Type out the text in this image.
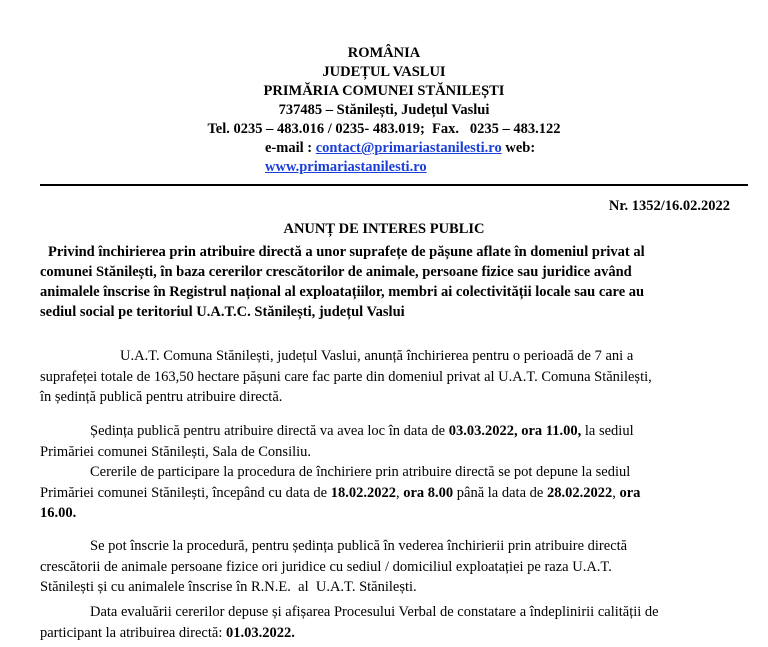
ROMÂNIA
JUDEȚUL VASLUI
PRIMĂRIA COMUNEI STĂNILEȘTI
737485 – Stănilești, Județul Vaslui
Tel. 0235 – 483.016 / 0235- 483.019;  Fax.   0235 – 483.122
e-mail : contact@primariastanilesti.ro web:
www.primariastanilesti.ro
Nr. 1352/16.02.2022
ANUNȚ DE INTERES PUBLIC
Privind închirierea prin atribuire directă a unor suprafețe de pășune aflate în domeniul privat al
comunei Stănilești, în baza cererilor crescătorilor de animale, persoane fizice sau juridice având
animalele înscrise în Registrul național al exploatațiilor, membri ai colectivității locale sau care au
sediul social pe teritoriul U.A.T.C. Stănilești, județul Vaslui
U.A.T. Comuna Stănilești, județul Vaslui, anunță închirierea pentru o perioadă de 7 ani a
suprafeței totale de 163,50 hectare pășuni care fac parte din domeniul privat al U.A.T. Comuna Stănilești,
în ședință publică pentru atribuire directă.
Ședința publică pentru atribuire directă va avea loc în data de 03.03.2022, ora 11.00, la sediul
Primăriei comunei Stănilești, Sala de Consiliu.
Cererile de participare la procedura de închiriere prin atribuire directă se pot depune la sediul
Primăriei comunei Stănilești, începând cu data de 18.02.2022, ora 8.00 până la data de 28.02.2022, ora
16.00.
Se pot înscrie la procedură, pentru ședința publică în vederea închirierii prin atribuire directă
crescătorii de animale persoane fizice ori juridice cu sediul / domiciliul exploatației pe raza U.A.T.
Stănilești și cu animalele înscrise în R.N.E.  al  U.A.T. Stănilești.
Data evaluării cererilor depuse și afișarea Procesului Verbal de constatare a îndeplinirii calității de
participant la atribuirea directă: 01.03.2022.
